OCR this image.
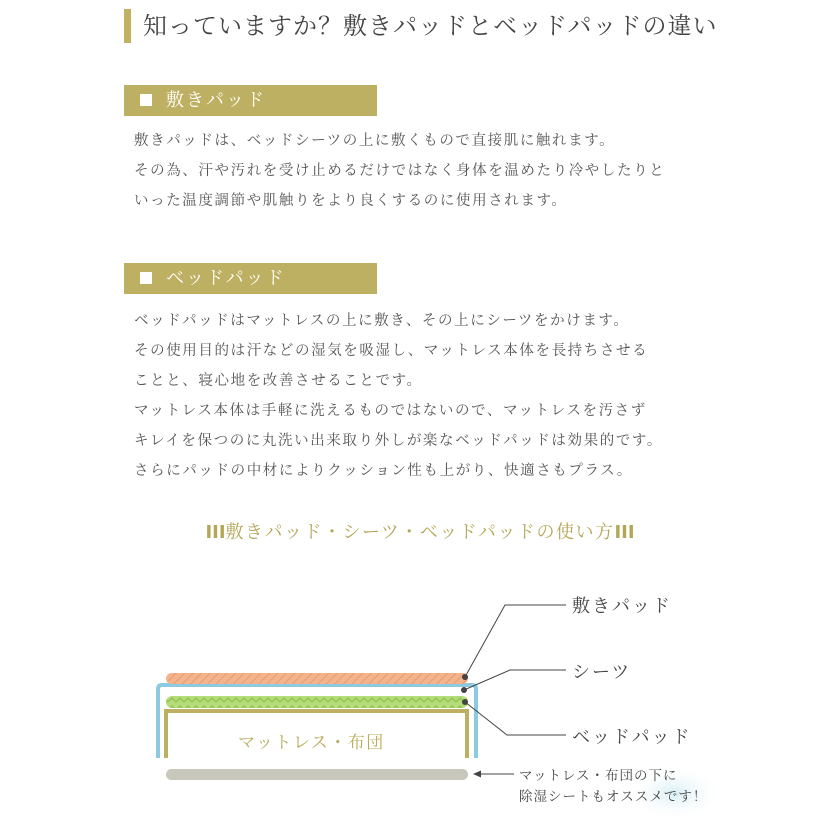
知っていますか？敷きパッドとベッドパッドの違い
敷きパッド
敷きパッドは、ベッドシーツの上に敷くもので直接肌に触れます。
その為、汗や汚れを受け止めるだけではなく身体を温めたり冷やしたりと
いった温度調節や肌触りをより良くするのに使用されます。
ベッドパッド
ベッドパッドはマットレスの上に敷き、その上にシーツをかけます。
その使用目的は汗などの湿気を吸湿し、マットレス本体を長持ちさせる
ことと、寝心地を改善させることです。
マットレス本体は手軽に洗えるものではないので、マットレスを汚さず
キレイを保つのに丸洗い出来取り外しが楽なベッドパッドは効果的です。
さらにパッドの中材によりクッション性も上がり、快適さもプラス。
III敷きパッド・シーツ・ベッドパッドの使い方III
敷きパッド
シーツ
ベッドパッド
マットレス・布団
マットレス・布団の下に
除湿シートもオススメです！
